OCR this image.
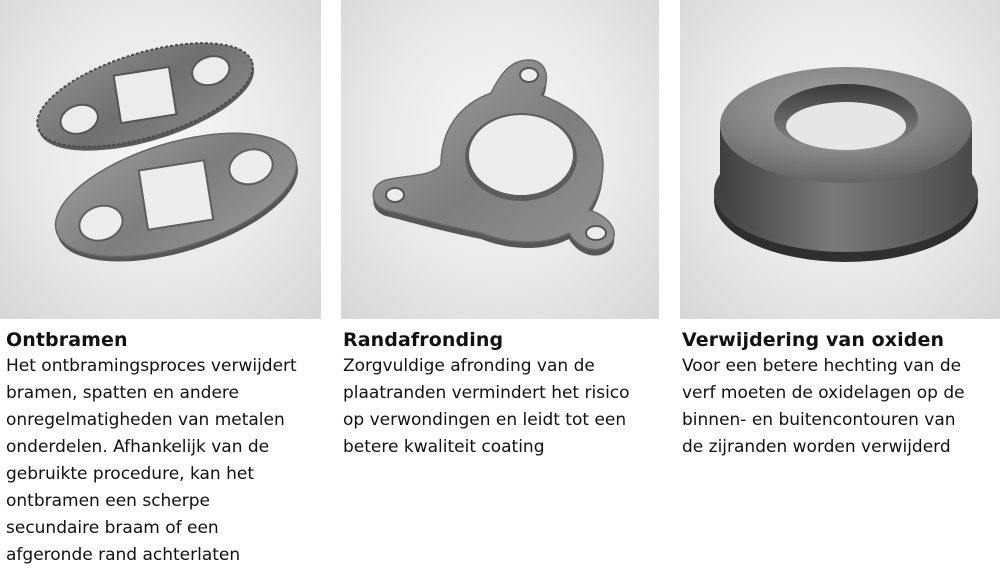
Ontbramen
Het ontbramingsproces verwijdert
bramen, spatten en andere
onregelmatigheden van metalen
onderdelen. Afhankelijk van de
gebruikte procedure, kan het
ontbramen een scherpe
secundaire braam of een
afgeronde rand achterlaten
Randafronding
Zorgvuldige afronding van de
plaatranden vermindert het risico
op verwondingen en leidt tot een
betere kwaliteit coating
Verwijdering van oxiden
Voor een betere hechting van de
verf moeten de oxidelagen op de
binnen- en buitencontouren van
de zijranden worden verwijderd
